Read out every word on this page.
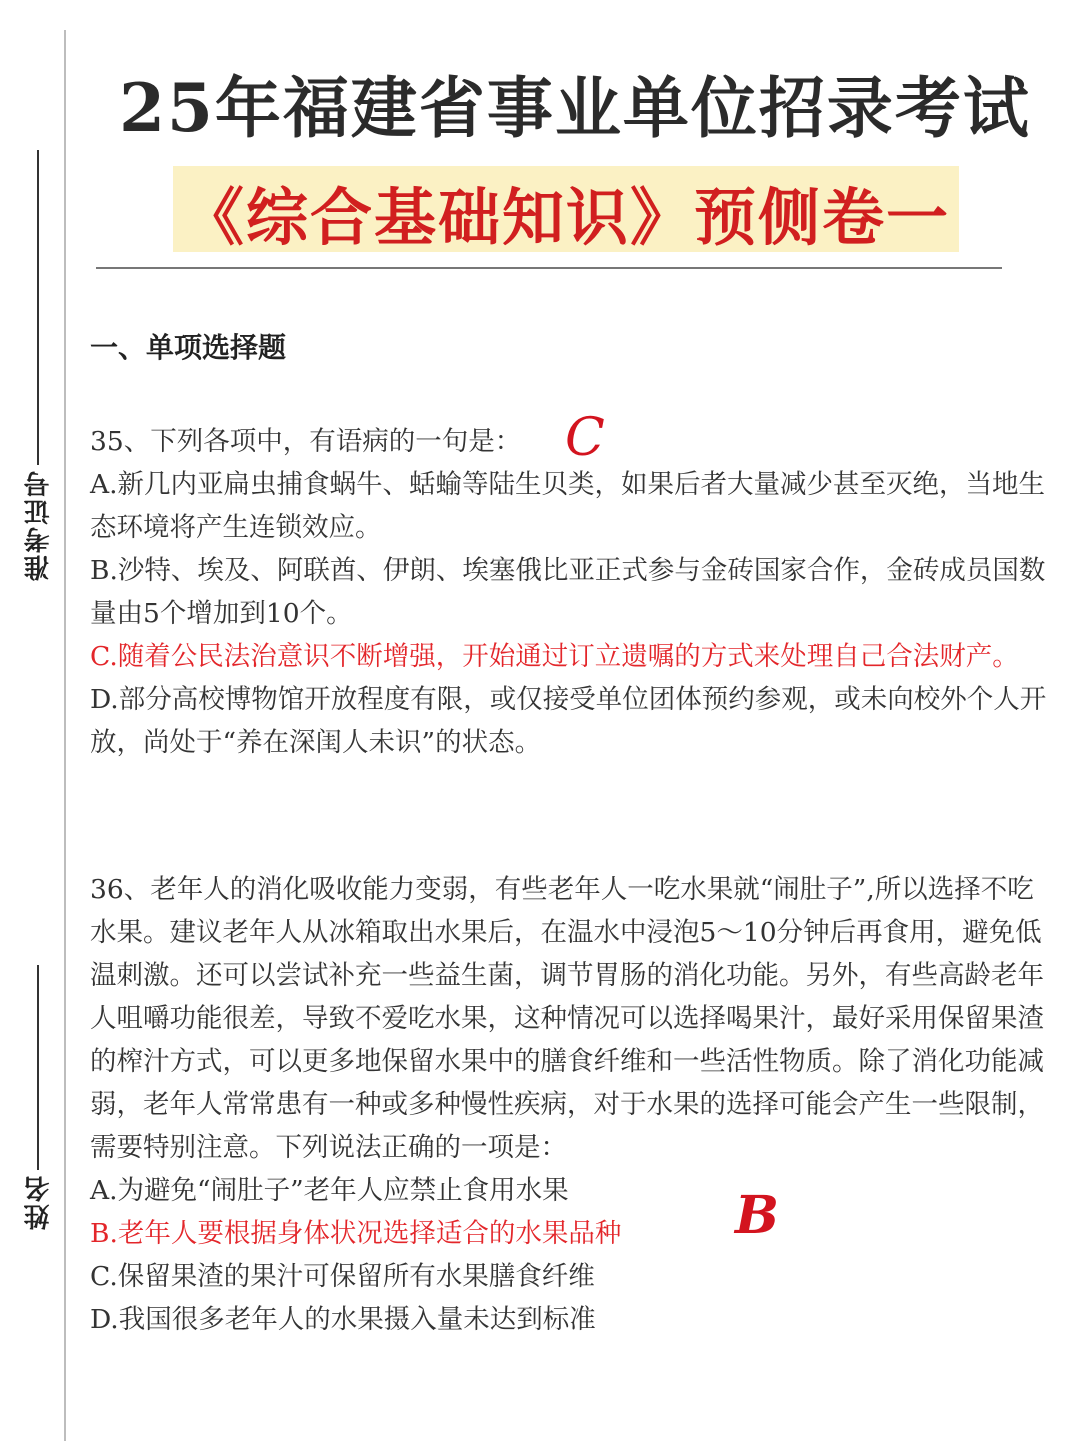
准考证号
姓名
25年福建省事业单位招录考试
《综合基础知识》预侧卷一
一、单项选择题

35、下列各项中，有语病的一句是：

A.新几内亚扁虫捕食蜗牛、蛞蝓等陆生贝类，如果后者大量减少甚至灭绝，当地生态环境将产生连锁效应。

B.沙特、埃及、阿联酋、伊朗、埃塞俄比亚正式参与金砖国家合作，金砖成员国数量由5个增加到10个。

C.随着公民法治意识不断增强，开始通过订立遗嘱的方式来处理自己合法财产。

D.部分高校博物馆开放程度有限，或仅接受单位团体预约参观，或未向校外个人开放，尚处于“养在深闺人未识”的状态。

C

36、老年人的消化吸收能力变弱，有些老年人一吃水果就“闹肚子”,所以选择不吃水果。建议老年人从冰箱取出水果后，在温水中浸泡5～10分钟后再食用，避免低温刺激。还可以尝试补充一些益生菌，调节胃肠的消化功能。另外，有些高龄老年人咀嚼功能很差，导致不爱吃水果，这种情况可以选择喝果汁，最好采用保留果渣的榨汁方式，可以更多地保留水果中的膳食纤维和一些活性物质。除了消化功能减弱，老年人常常患有一种或多种慢性疾病，对于水果的选择可能会产生一些限制，需要特别注意。下列说法正确的一项是：

A.为避免“闹肚子”老年人应禁止食用水果

B.老年人要根据身体状况选择适合的水果品种

C.保留果渣的果汁可保留所有水果膳食纤维

D.我国很多老年人的水果摄入量未达到标准

B
